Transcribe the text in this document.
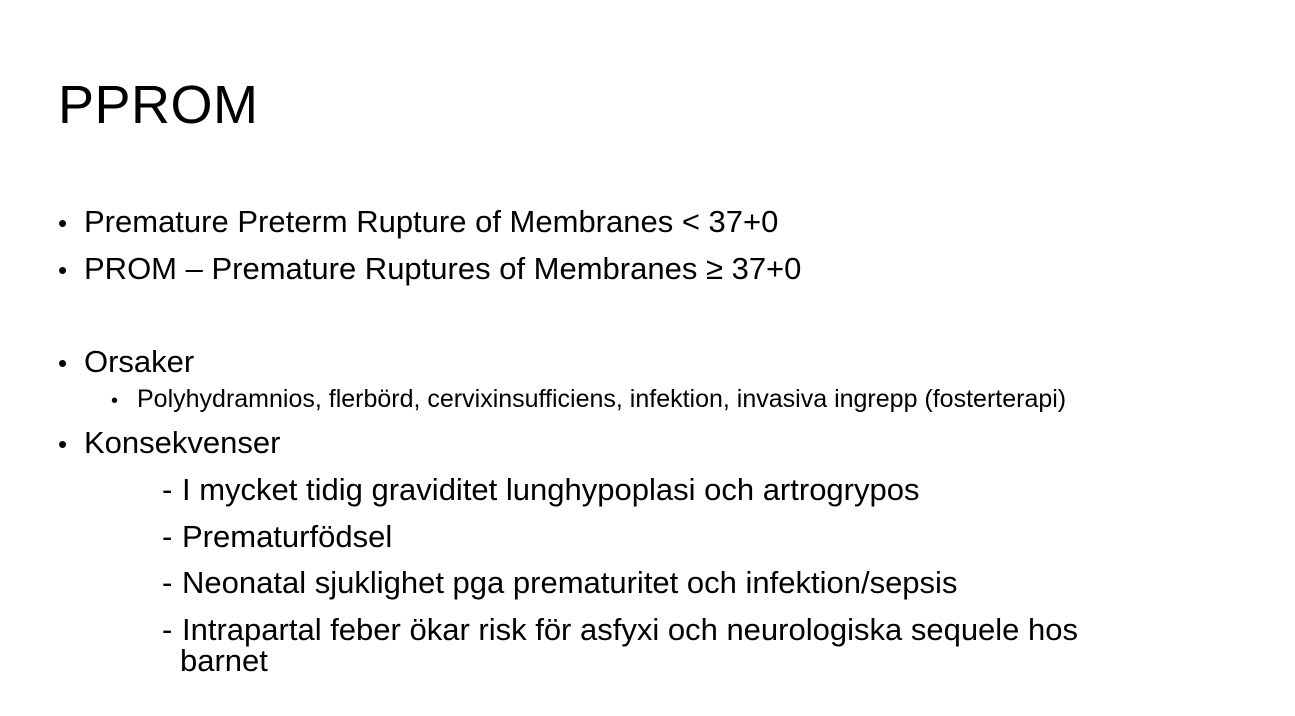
PPROM
• Premature Preterm Rupture of Membranes < 37+0
• PROM – Premature Ruptures of Membranes ≥ 37+0
• Orsaker
• Polyhydramnios, flerbörd, cervixinsufficiens, infektion, invasiva ingrepp (fosterterapi)
• Konsekvenser
- I mycket tidig graviditet lunghypoplasi och artrogrypos
- Prematurfödsel
- Neonatal sjuklighet pga prematuritet och infektion/sepsis
- Intrapartal feber ökar risk för asfyxi och neurologiska sequele hos
barnet
